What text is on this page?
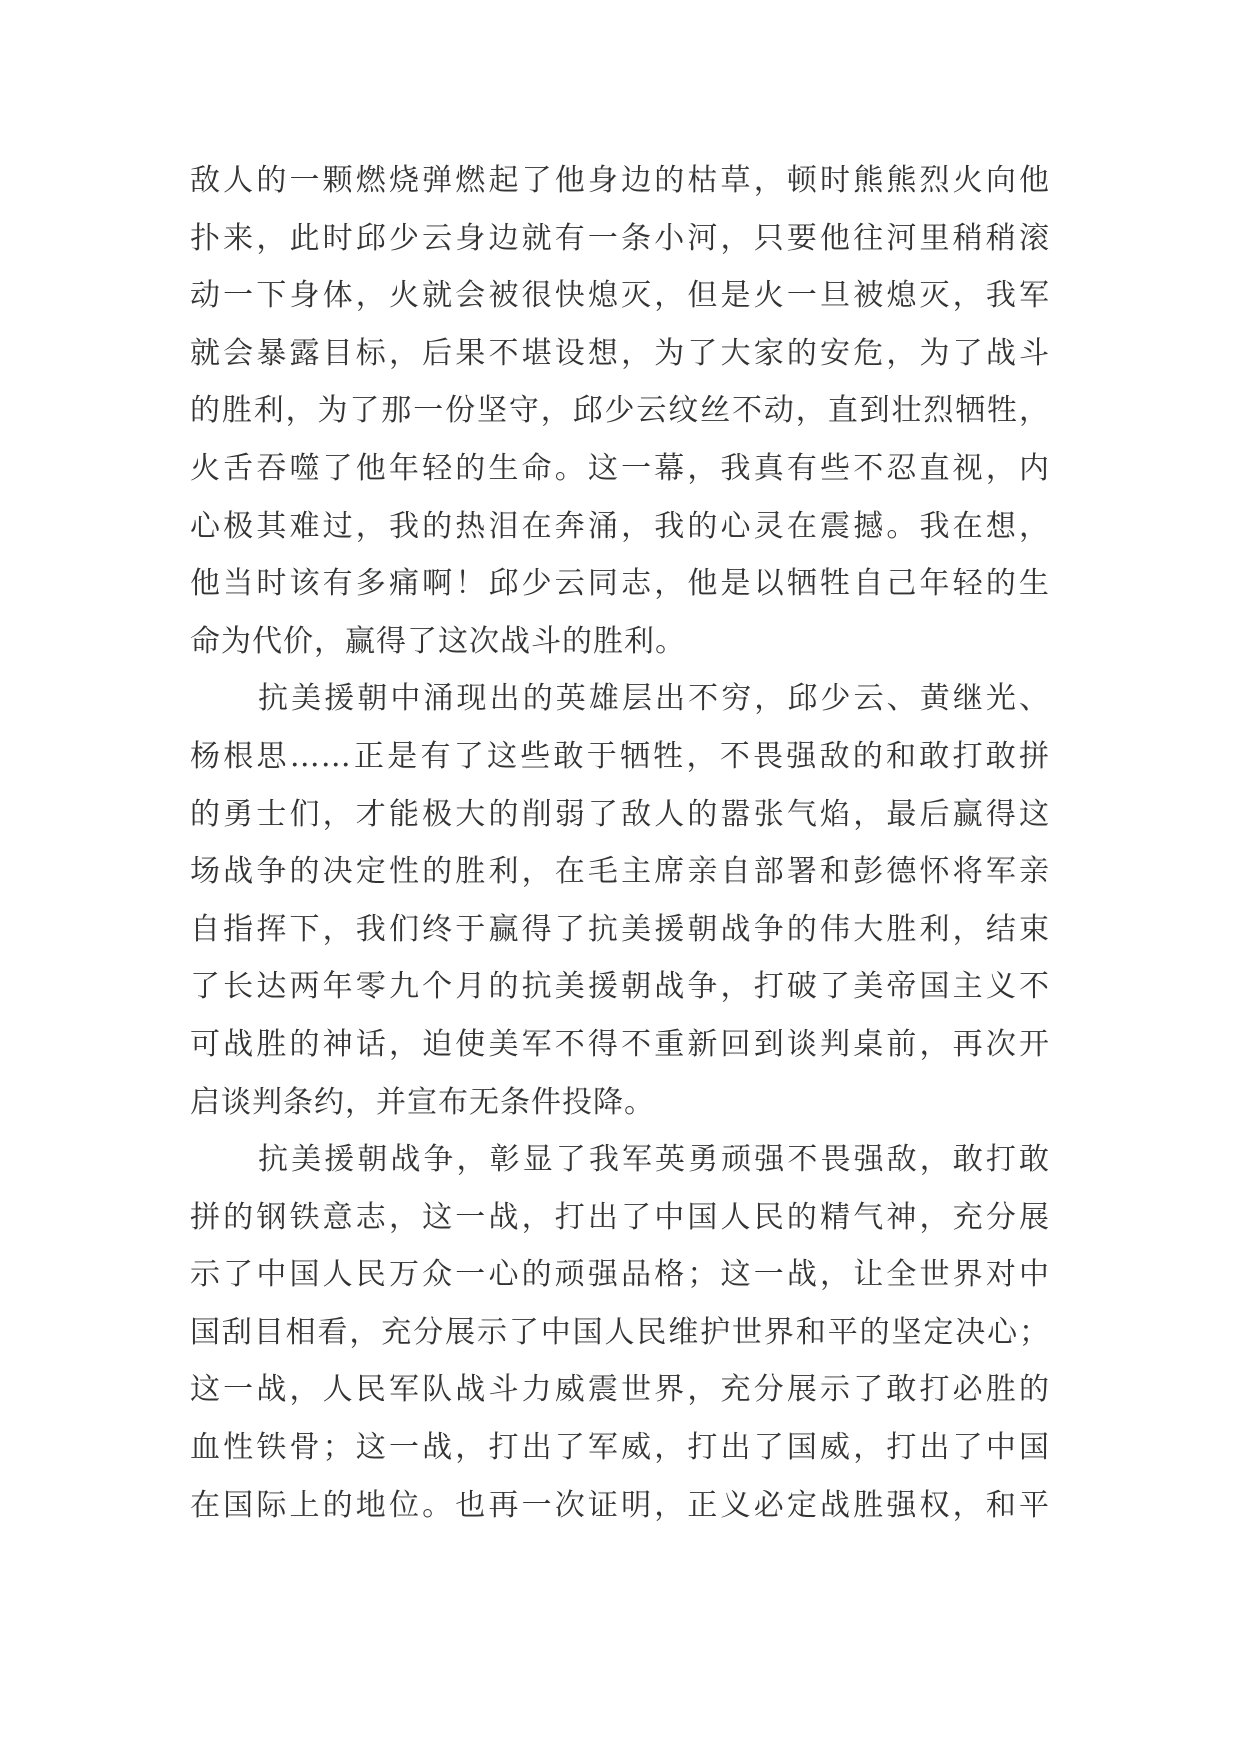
敌人的一颗燃烧弹燃起了他身边的枯草，顿时熊熊烈火向他
扑来，此时邱少云身边就有一条小河，只要他往河里稍稍滚
动一下身体，火就会被很快熄灭，但是火一旦被熄灭，我军
就会暴露目标，后果不堪设想，为了大家的安危，为了战斗
的胜利，为了那一份坚守，邱少云纹丝不动，直到壮烈牺牲，
火舌吞噬了他年轻的生命。这一幕，我真有些不忍直视，内
心极其难过，我的热泪在奔涌，我的心灵在震撼。我在想，
他当时该有多痛啊！邱少云同志，他是以牺牲自己年轻的生
命为代价，赢得了这次战斗的胜利。
抗美援朝中涌现出的英雄层出不穷，邱少云、黄继光、
杨根思……正是有了这些敢于牺牲，不畏强敌的和敢打敢拼
的勇士们，才能极大的削弱了敌人的嚣张气焰，最后赢得这
场战争的决定性的胜利，在毛主席亲自部署和彭德怀将军亲
自指挥下，我们终于赢得了抗美援朝战争的伟大胜利，结束
了长达两年零九个月的抗美援朝战争，打破了美帝国主义不
可战胜的神话，迫使美军不得不重新回到谈判桌前，再次开
启谈判条约，并宣布无条件投降。
抗美援朝战争，彰显了我军英勇顽强不畏强敌，敢打敢
拼的钢铁意志，这一战，打出了中国人民的精气神，充分展
示了中国人民万众一心的顽强品格；这一战，让全世界对中
国刮目相看，充分展示了中国人民维护世界和平的坚定决心；
这一战，人民军队战斗力威震世界，充分展示了敢打必胜的
血性铁骨；这一战，打出了军威，打出了国威，打出了中国
在国际上的地位。也再一次证明，正义必定战胜强权，和平
